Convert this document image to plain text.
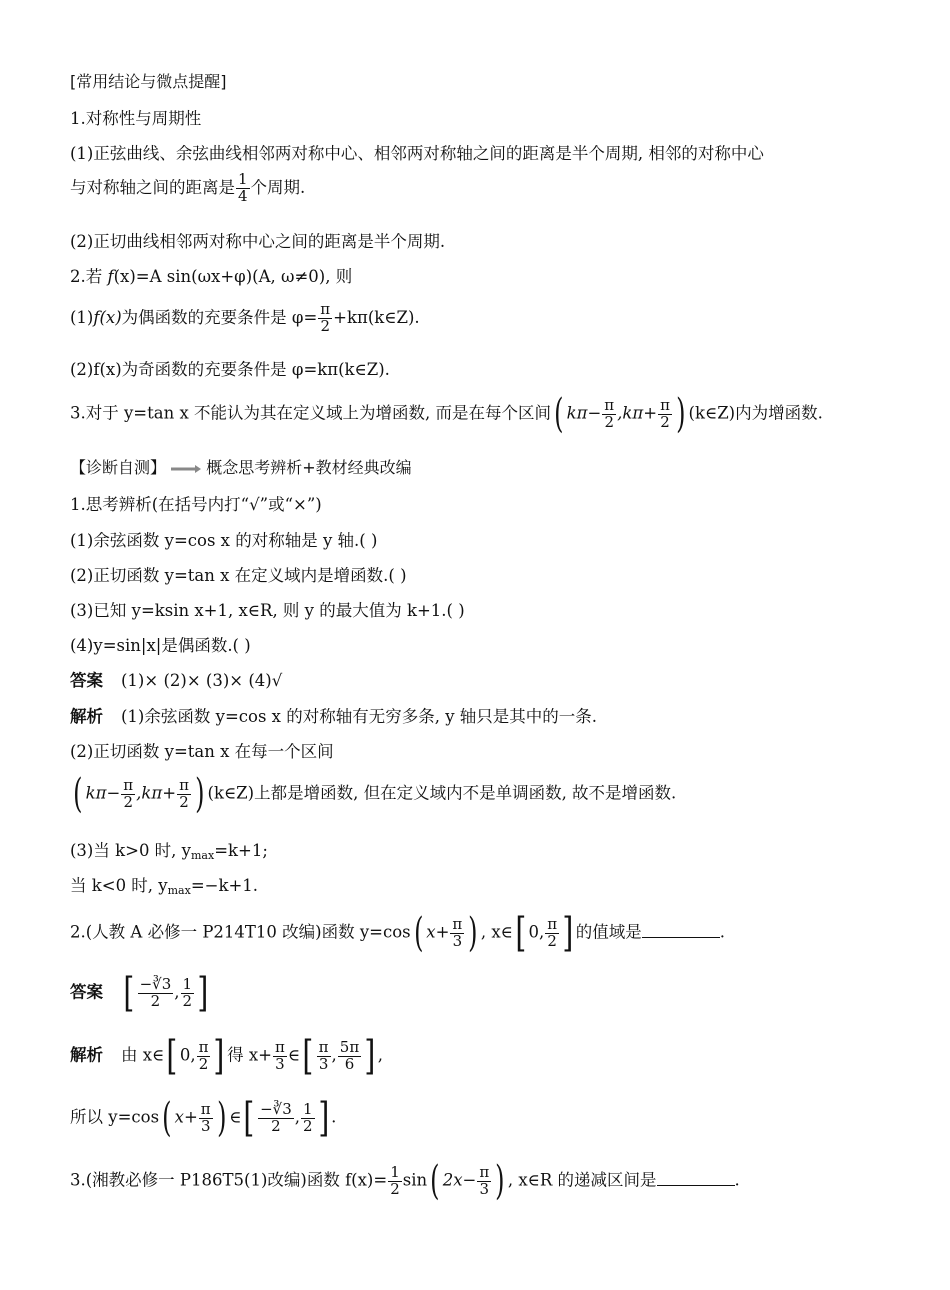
[常用结论与微点提醒]
1.对称性与周期性
(1)正弦曲线、余弦曲线相邻两对称中心、相邻两对称轴之间的距离是半个周期, 相邻的对称中心
与对称轴之间的距离是 $\frac{1}{4}$ 个周期.
(2)正切曲线相邻两对称中心之间的距离是半个周期.
2.若 f(x)=A sin(ωx+φ)(A, ω≠0), 则
(1)f(x)为偶函数的充要条件是 $\varphi= \frac{\pi}{2}$ +kπ(k∈Z).
(2)f(x)为奇函数的充要条件是 φ=kπ(k∈Z).
3.对于 y=tan x 不能认为其在定义域上为增函数, 而是在每个区间( $k\pi- \frac{\pi}{2} ,k\pi+ \frac{\pi}{2}$ ) (k∈Z)内为增函数.
【诊断自测】	概念思考辨析+教材经典改编
1.思考辨析(在括号内打“√”或“×”)
(1)余弦函数 y=cos x 的对称轴是 y 轴.( )
(2)正切函数 y=tan x 在定义域内是增函数.( )
(3)已知 y=ksin x+1, x∈R, 则 y 的最大值为 k+1.( )
(4)y=sin|x|是偶函数.( )
答案 (1)× (2)× (3)× (4)√
解析 (1)余弦函数 y=cos x 的对称轴有无穷多条, y 轴只是其中的一条.
(2)正切函数 y=tan x 在每一个区间
( $k\pi- \frac{\pi}{2} ,k\pi+ \frac{\pi}{2}$ ) (k∈Z)上都是增函数, 但在定义域内不是单调函数, 故不是增函数.
(3)当 k>0 时, $y_{max}=k+1$;
当 k<0 时, $y_{max}=-k+1$.
2.(人教 A 必修一 P214T10 改编)函数 y=cos( $x+ \frac{\pi}{3}$ ) , x∈[ 0, $\frac{\pi}{2}$ ] 的值域是	.
答案 [ $\frac{-∛3}{2}$ , $\frac{1}{2}$ ]
解析 由 x∈[ 0, $\frac{\pi}{2}$ ] 得 $x+ \frac{\pi}{3}$ ∈[ $\frac{\pi}{3}$ , $\frac{5\pi}{6}$ ] ,
所以 y=cos( $x+ \frac{\pi}{3}$ ) ∈[ $\frac{-∛3}{2}$ , $\frac{1}{2}$ ] .
3.(湘教必修一 P186T5(1)改编)函数 $f(x)= \frac{1}{2} \sin$( $2x- \frac{\pi}{3}$ ) , x∈R 的递减区间是	.
